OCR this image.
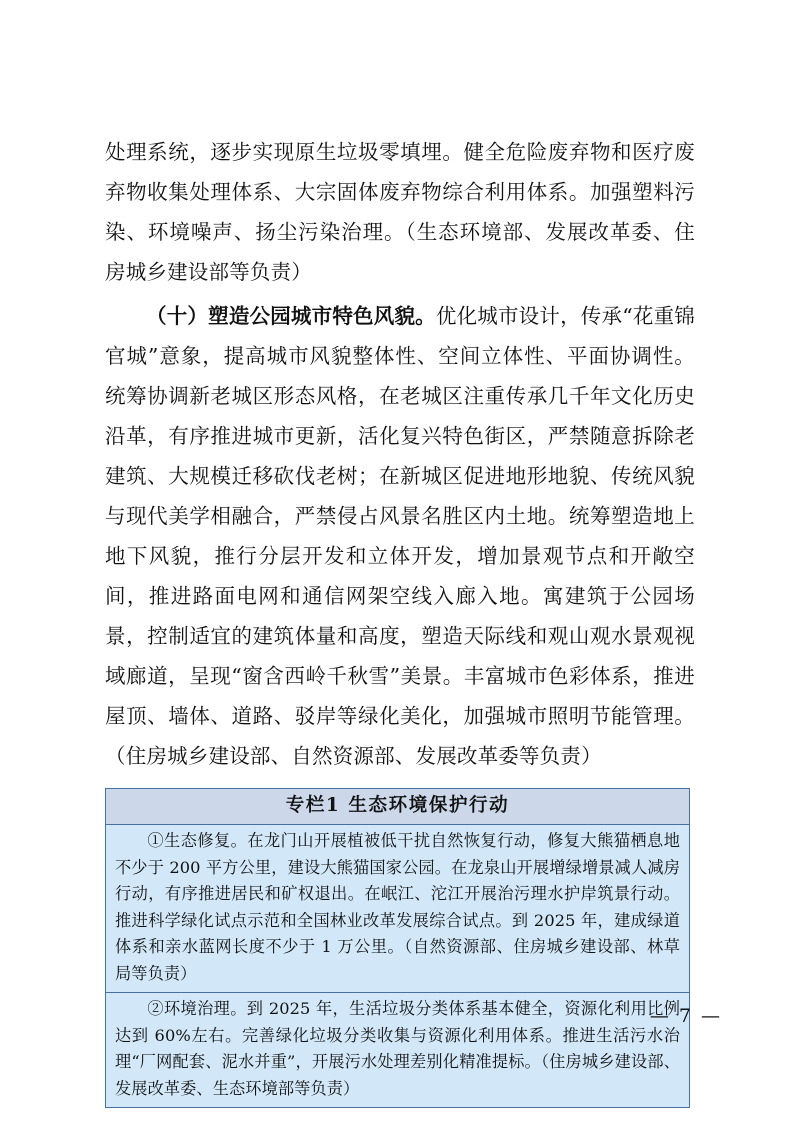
处理系统，逐步实现原生垃圾零填埋。健全危险废弃物和医疗废弃物收集处理体系、大宗固体废弃物综合利用体系。加强塑料污染、环境噪声、扬尘污染治理。（生态环境部、发展改革委、住房城乡建设部等负责）

（十）塑造公园城市特色风貌。优化城市设计，传承“花重锦官城”意象，提高城市风貌整体性、空间立体性、平面协调性。统筹协调新老城区形态风格，在老城区注重传承几千年文化历史沿革，有序推进城市更新，活化复兴特色街区，严禁随意拆除老建筑、大规模迁移砍伐老树；在新城区促进地形地貌、传统风貌与现代美学相融合，严禁侵占风景名胜区内土地。统筹塑造地上地下风貌，推行分层开发和立体开发，增加景观节点和开敞空间，推进路面电网和通信网架空线入廊入地。寓建筑于公园场景，控制适宜的建筑体量和高度，塑造天际线和观山观水景观视域廊道，呈现“窗含西岭千秋雪”美景。丰富城市色彩体系，推进屋顶、墙体、道路、驳岸等绿化美化，加强城市照明节能管理。（住房城乡建设部、自然资源部、发展改革委等负责）

专栏1 生态环境保护行动
①生态修复。在龙门山开展植被低干扰自然恢复行动，修复大熊猫栖息地不少于 200 平方公里，建设大熊猫国家公园。在龙泉山开展增绿增景减人减房行动，有序推进居民和矿权退出。在岷江、沱江开展治污理水护岸筑景行动。推进科学绿化试点示范和全国林业改革发展综合试点。到 2025 年，建成绿道体系和亲水蓝网长度不少于 1 万公里。（自然资源部、住房城乡建设部、林草局等负责）
②环境治理。到 2025 年，生活垃圾分类体系基本健全，资源化利用比例达到 60%左右。完善绿化垃圾分类收集与资源化利用体系。推进生活污水治理“厂网配套、泥水并重”，开展污水处理差别化精准提标。（住房城乡建设部、发展改革委、生态环境部等负责）
— 7 —
